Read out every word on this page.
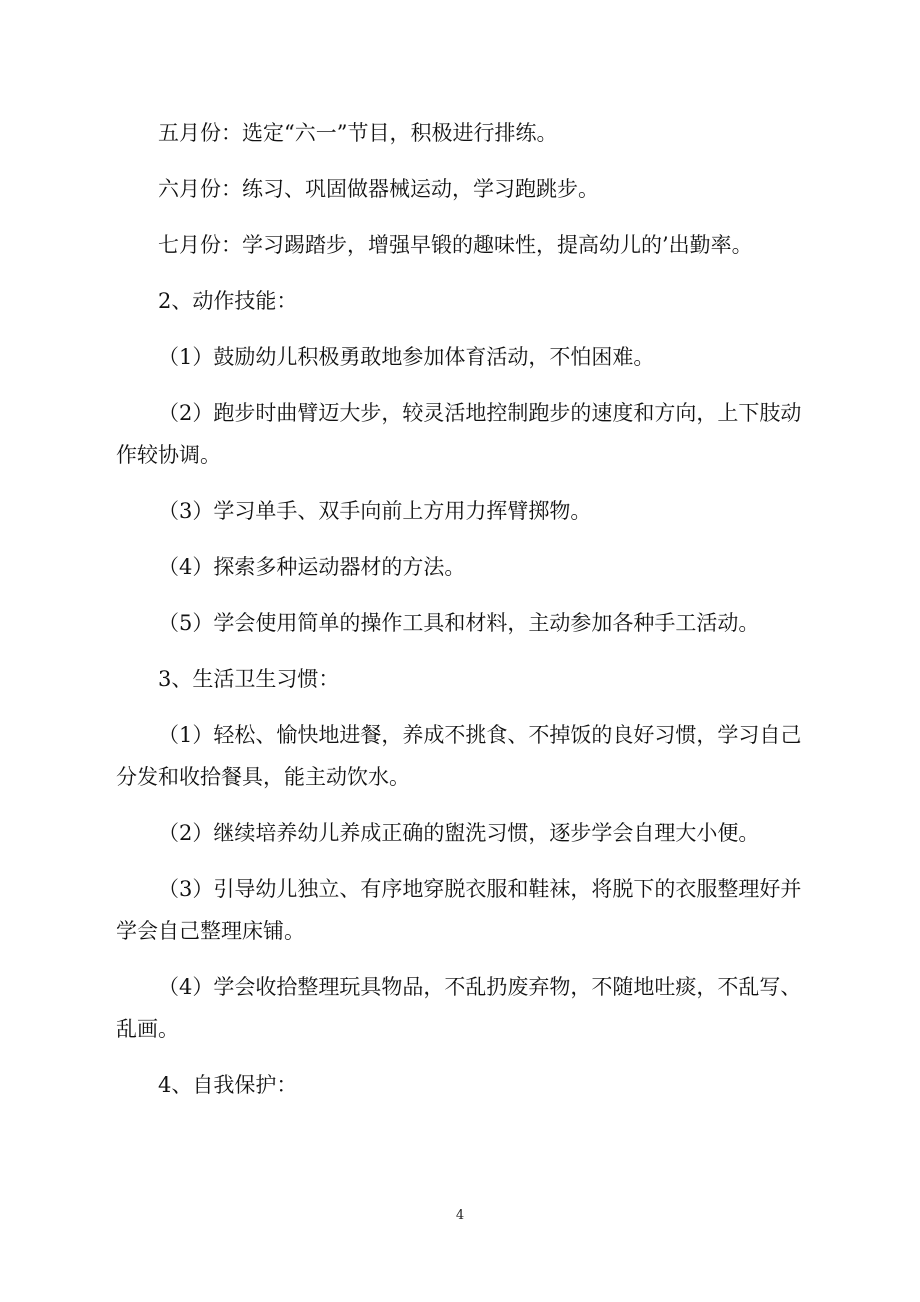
五月份：选定“六一”节目，积极进行排练。

六月份：练习、巩固做器械运动，学习跑跳步。

七月份：学习踢踏步，增强早锻的趣味性，提高幼儿的’出勤率。

2、动作技能：

（1）鼓励幼儿积极勇敢地参加体育活动，不怕困难。

（2）跑步时曲臂迈大步，较灵活地控制跑步的速度和方向，上下肢动作较协调。

（3）学习单手、双手向前上方用力挥臂掷物。

（4）探索多种运动器材的方法。

（5）学会使用简单的操作工具和材料，主动参加各种手工活动。

3、生活卫生习惯：

（1）轻松、愉快地进餐，养成不挑食、不掉饭的良好习惯，学习自己分发和收拾餐具，能主动饮水。

（2）继续培养幼儿养成正确的盥洗习惯，逐步学会自理大小便。

（3）引导幼儿独立、有序地穿脱衣服和鞋袜，将脱下的衣服整理好并学会自己整理床铺。

（4）学会收拾整理玩具物品，不乱扔废弃物，不随地吐痰，不乱写、乱画。

4、自我保护：

4
